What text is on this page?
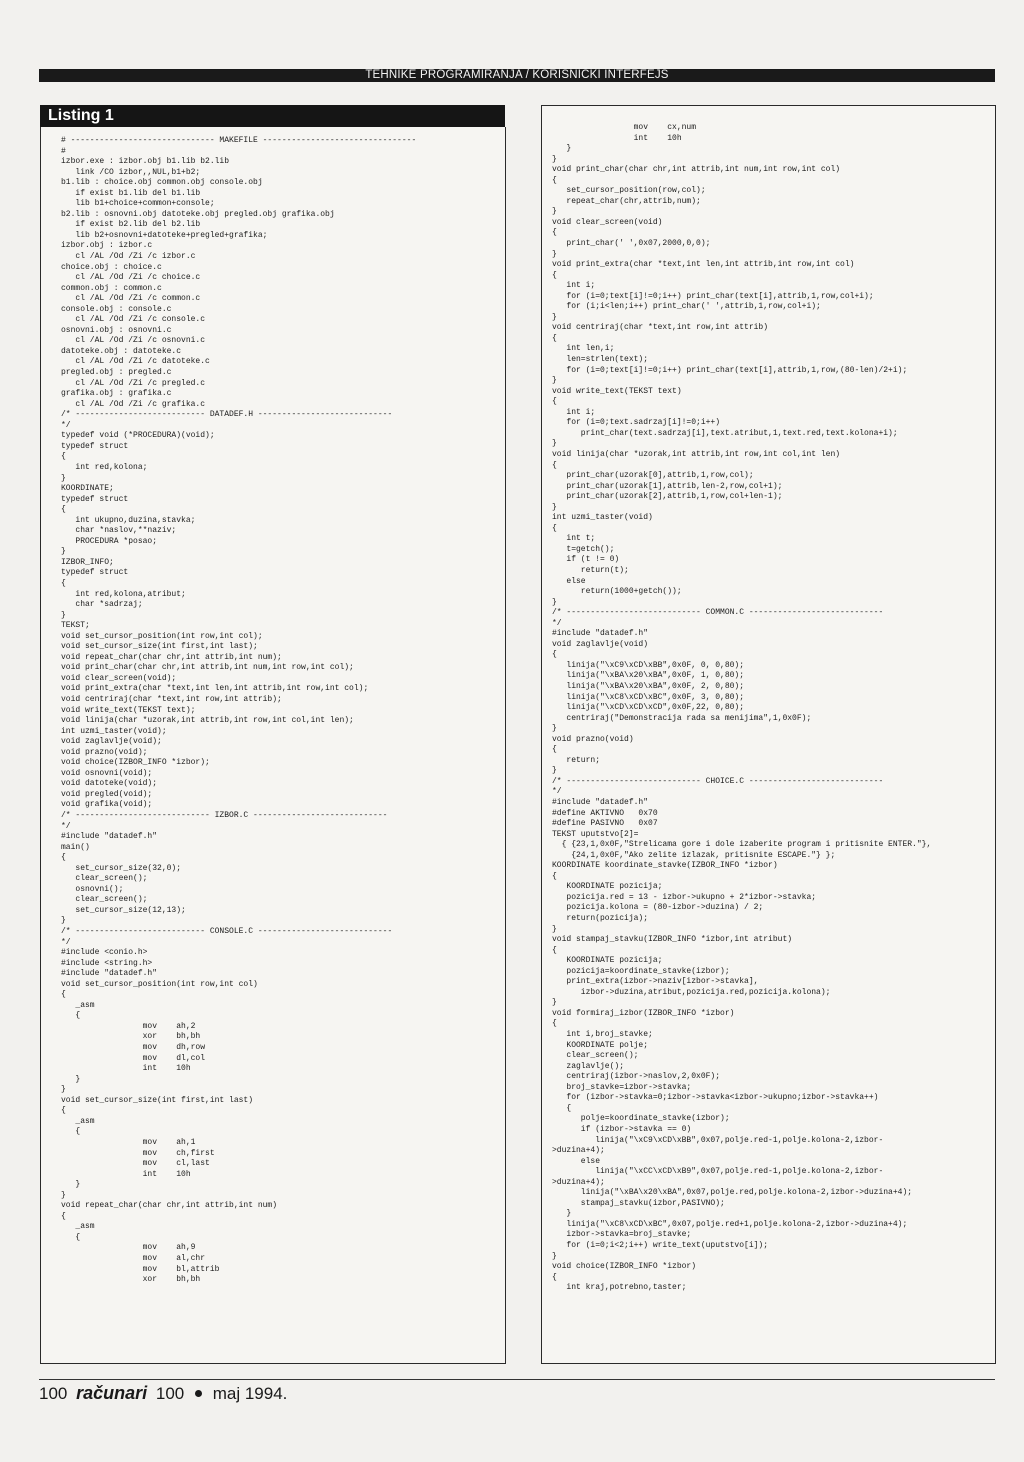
TEHNIKE PROGRAMIRANJA / KORISNIČKI INTERFEJS
Listing 1
# ------------------------------ MAKEFILE --------------------------------
#
izbor.exe : izbor.obj b1.lib b2.lib
link /CO izbor,,NUL,b1+b2;
b1.lib : choice.obj common.obj console.obj
if exist b1.lib del b1.lib
lib b1+choice+common+console;
b2.lib : osnovni.obj datoteke.obj pregled.obj grafika.obj
if exist b2.lib del b2.lib
lib b2+osnovni+datoteke+pregled+grafika;
izbor.obj : izbor.c
cl /AL /Od /Zi /c izbor.c
choice.obj : choice.c
cl /AL /Od /Zi /c choice.c
common.obj : common.c
cl /AL /Od /Zi /c common.c
console.obj : console.c
cl /AL /Od /Zi /c console.c
osnovni.obj : osnovni.c
cl /AL /Od /Zi /c osnovni.c
datoteke.obj : datoteke.c
cl /AL /Od /Zi /c datoteke.c
pregled.obj : pregled.c
cl /AL /Od /Zi /c pregled.c
grafika.obj : grafika.c
cl /AL /Od /Zi /c grafika.c
/* --------------------------- DATADEF.H ----------------------------
*/
typedef void (*PROCEDURA)(void);
typedef struct
{
int red,kolona;
}
KOORDINATE;
typedef struct
{
int ukupno,duzina,stavka;
char *naslov,**naziv;
PROCEDURA *posao;
}
IZBOR_INFO;
typedef struct
{
int red,kolona,atribut;
char *sadrzaj;
}
TEKST;
void set_cursor_position(int row,int col);
void set_cursor_size(int first,int last);
void repeat_char(char chr,int attrib,int num);
void print_char(char chr,int attrib,int num,int row,int col);
void clear_screen(void);
void print_extra(char *text,int len,int attrib,int row,int col);
void centriraj(char *text,int row,int attrib);
void write_text(TEKST text);
void linija(char *uzorak,int attrib,int row,int col,int len);
int uzmi_taster(void);
void zaglavlje(void);
void prazno(void);
void choice(IZBOR_INFO *izbor);
void osnovni(void);
void datoteke(void);
void pregled(void);
void grafika(void);
/* ---------------------------- IZBOR.C ----------------------------
*/
#include "datadef.h"
main()
{
set_cursor_size(32,0);
clear_screen();
osnovni();
clear_screen();
set_cursor_size(12,13);
}
/* --------------------------- CONSOLE.C ----------------------------
*/
#include <conio.h>
#include <string.h>
#include "datadef.h"
void set_cursor_position(int row,int col)
{
_asm
{
mov    ah,2
xor    bh,bh
mov    dh,row
mov    dl,col
int    10h
}
}
void set_cursor_size(int first,int last)
{
_asm
{
mov    ah,1
mov    ch,first
mov    cl,last
int    10h
}
}
void repeat_char(char chr,int attrib,int num)
{
_asm
{
mov    ah,9
mov    al,chr
mov    bl,attrib
xor    bh,bh
mov    cx,num
int    10h
}
}
void print_char(char chr,int attrib,int num,int row,int col)
{
set_cursor_position(row,col);
repeat_char(chr,attrib,num);
}
void clear_screen(void)
{
print_char(' ',0x07,2000,0,0);
}
void print_extra(char *text,int len,int attrib,int row,int col)
{
int i;
for (i=0;text[i]!=0;i++) print_char(text[i],attrib,1,row,col+i);
for (i;i<len;i++) print_char(' ',attrib,1,row,col+i);
}
void centriraj(char *text,int row,int attrib)
{
int len,i;
len=strlen(text);
for (i=0;text[i]!=0;i++) print_char(text[i],attrib,1,row,(80-len)/2+i);
}
void write_text(TEKST text)
{
int i;
for (i=0;text.sadrzaj[i]!=0;i++)
print_char(text.sadrzaj[i],text.atribut,1,text.red,text.kolona+i);
}
void linija(char *uzorak,int attrib,int row,int col,int len)
{
print_char(uzorak[0],attrib,1,row,col);
print_char(uzorak[1],attrib,len-2,row,col+1);
print_char(uzorak[2],attrib,1,row,col+len-1);
}
int uzmi_taster(void)
{
int t;
t=getch();
if (t != 0)
return(t);
else
return(1000+getch());
}
/* ---------------------------- COMMON.C ----------------------------
*/
#include "datadef.h"
void zaglavlje(void)
{
linija("\xC9\xCD\xBB",0x0F, 0, 0,80);
linija("\xBA\x20\xBA",0x0F, 1, 0,80);
linija("\xBA\x20\xBA",0x0F, 2, 0,80);
linija("\xC8\xCD\xBC",0x0F, 3, 0,80);
linija("\xCD\xCD\xCD",0x0F,22, 0,80);
centriraj("Demonstracija rada sa menijima",1,0x0F);
}
void prazno(void)
{
return;
}
/* ---------------------------- CHOICE.C ----------------------------
*/
#include "datadef.h"
#define AKTIVNO   0x70
#define PASIVNO   0x07
TEKST uputstvo[2]=
{ {23,1,0x0F,"Strelicama gore i dole izaberite program i pritisnite ENTER."},
{24,1,0x0F,"Ako zelite izlazak, pritisnite ESCAPE."} };
KOORDINATE koordinate_stavke(IZBOR_INFO *izbor)
{
KOORDINATE pozicija;
pozicija.red = 13 - izbor->ukupno + 2*izbor->stavka;
pozicija.kolona = (80-izbor->duzina) / 2;
return(pozicija);
}
void stampaj_stavku(IZBOR_INFO *izbor,int atribut)
{
KOORDINATE pozicija;
pozicija=koordinate_stavke(izbor);
print_extra(izbor->naziv[izbor->stavka],
izbor->duzina,atribut,pozicija.red,pozicija.kolona);
}
void formiraj_izbor(IZBOR_INFO *izbor)
{
int i,broj_stavke;
KOORDINATE polje;
clear_screen();
zaglavlje();
centriraj(izbor->naslov,2,0x0F);
broj_stavke=izbor->stavka;
for (izbor->stavka=0;izbor->stavka<izbor->ukupno;izbor->stavka++)
{
polje=koordinate_stavke(izbor);
if (izbor->stavka == 0)
linija("\xC9\xCD\xBB",0x07,polje.red-1,polje.kolona-2,izbor-
>duzina+4);
else
linija("\xCC\xCD\xB9",0x07,polje.red-1,polje.kolona-2,izbor-
>duzina+4);
linija("\xBA\x20\xBA",0x07,polje.red,polje.kolona-2,izbor->duzina+4);
stampaj_stavku(izbor,PASIVNO);
}
linija("\xC8\xCD\xBC",0x07,polje.red+1,polje.kolona-2,izbor->duzina+4);
izbor->stavka=broj_stavke;
for (i=0;i<2;i++) write_text(uputstvo[i]);
}
void choice(IZBOR_INFO *izbor)
{
int kraj,potrebno,taster;
100 računari 100 maj 1994.
